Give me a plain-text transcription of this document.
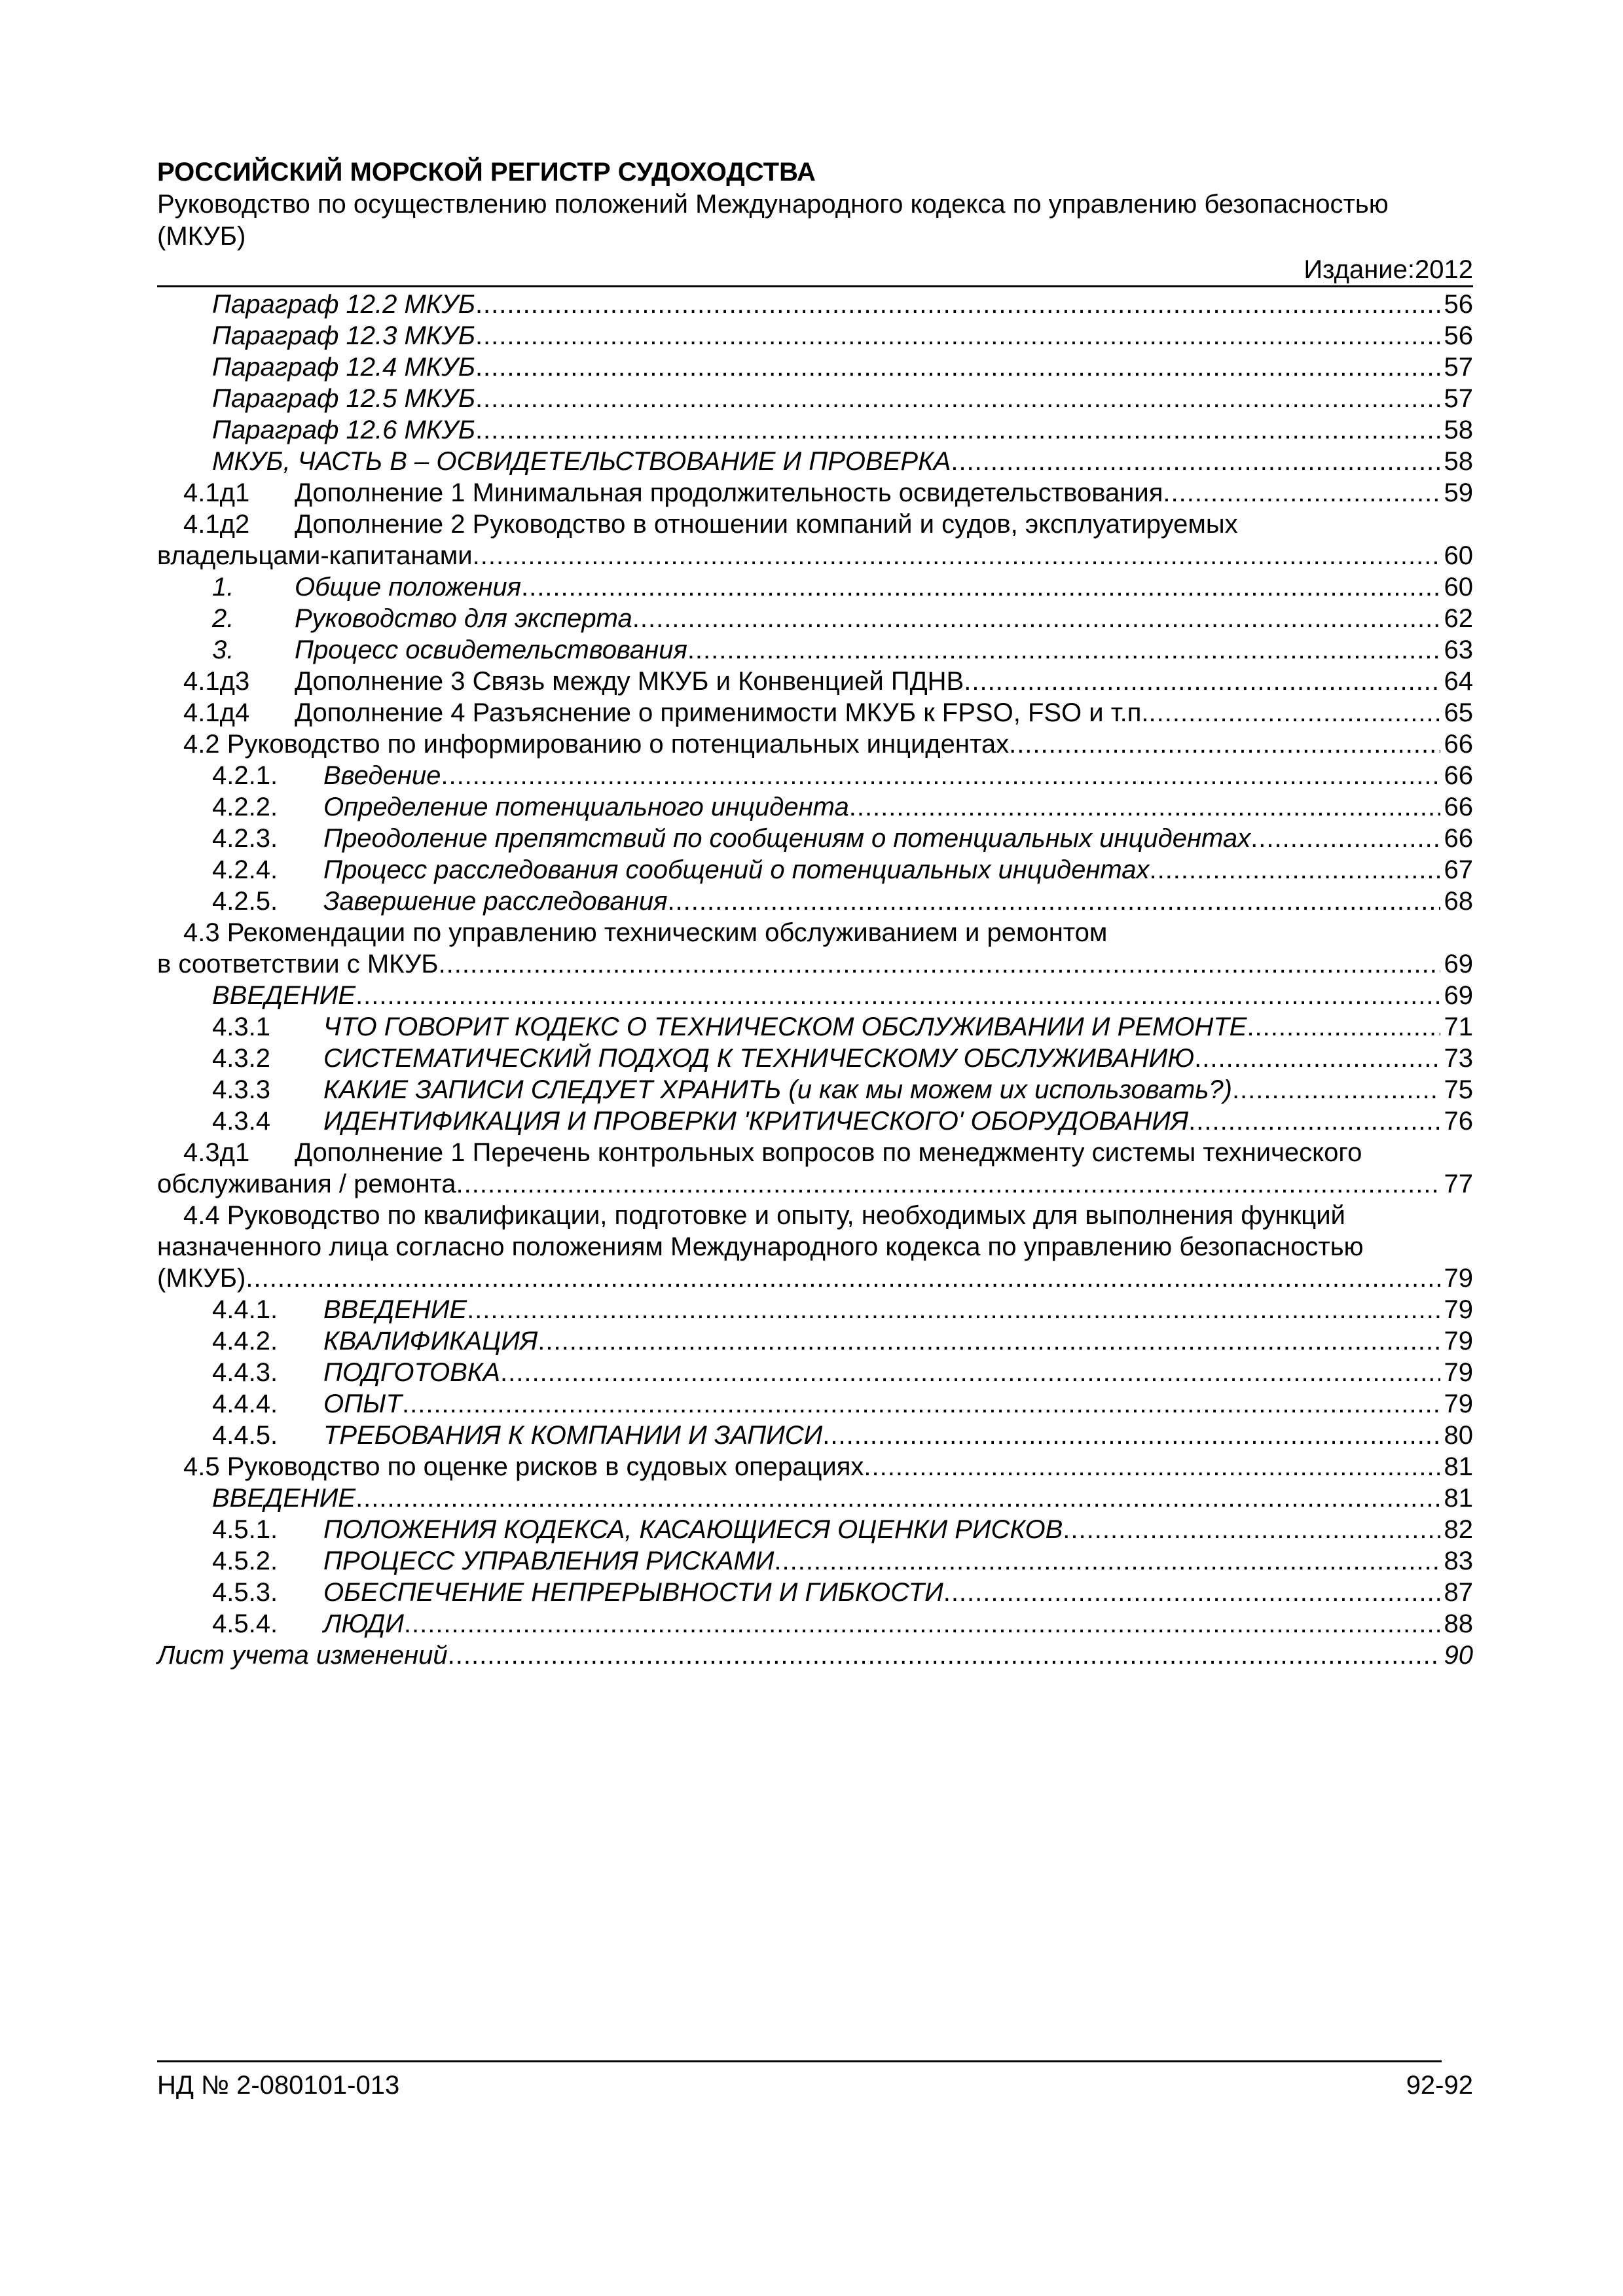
РОССИЙСКИЙ МОРСКОЙ РЕГИСТР СУДОХОДСТВА
Руководство по осуществлению положений Международного кодекса по управлению безопасностью
(МКУБ)
Издание:2012
Параграф 12.2 МКУБ .....	56
Параграф 12.3 МКУБ .....	56
Параграф 12.4 МКУБ .....	57
Параграф 12.5 МКУБ .....	57
Параграф 12.6 МКУБ .....	58
МКУБ, ЧАСТЬ В – ОСВИДЕТЕЛЬСТВОВАНИЕ И ПРОВЕРКА .....	58
4.1д1	Дополнение 1 Минимальная продолжительность освидетельствования .....	59
4.1д2	Дополнение 2 Руководство в отношении компаний и судов, эксплуатируемых
владельцами-капитанами .....	60
1.	Общие положения .....	60
2.	Руководство для эксперта .....	62
3.	Процесс освидетельствования .....	63
4.1д3	Дополнение 3 Связь между МКУБ и Конвенцией ПДНВ .....	64
4.1д4	Дополнение 4 Разъяснение о применимости МКУБ к FPSO, FSO и т.п. .....	65
4.2 Руководство по информированию о потенциальных инцидентах .....	66
4.2.1.	Введение .....	66
4.2.2.	Определение потенциального инцидента .....	66
4.2.3.	Преодоление препятствий по сообщениям о потенциальных инцидентах .....	66
4.2.4.	Процесс расследования сообщений о потенциальных инцидентах .....	67
4.2.5.	Завершение расследования .....	68
4.3 Рекомендации по управлению техническим обслуживанием и ремонтом
в соответствии с МКУБ .....	69
ВВЕДЕНИЕ .....	69
4.3.1	ЧТО ГОВОРИТ КОДЕКС О ТЕХНИЧЕСКОМ ОБСЛУЖИВАНИИ И РЕМОНТЕ .....	71
4.3.2	СИСТЕМАТИЧЕСКИЙ ПОДХОД К ТЕХНИЧЕСКОМУ ОБСЛУЖИВАНИЮ .....	73
4.3.3	КАКИЕ ЗАПИСИ СЛЕДУЕТ ХРАНИТЬ (и как мы можем их использовать?) .....	75
4.3.4	ИДЕНТИФИКАЦИЯ И ПРОВЕРКИ 'КРИТИЧЕСКОГО' ОБОРУДОВАНИЯ .....	76
4.3д1	Дополнение 1 Перечень контрольных вопросов по менеджменту системы технического
обслуживания / ремонта .....	77
4.4 Руководство по квалификации, подготовке и опыту, необходимых для выполнения функций
назначенного лица согласно положениям Международного кодекса по управлению безопасностью
(МКУБ) .....	79
4.4.1.	ВВЕДЕНИЕ .....	79
4.4.2.	КВАЛИФИКАЦИЯ .....	79
4.4.3.	ПОДГОТОВКА .....	79
4.4.4.	ОПЫТ .....	79
4.4.5.	ТРЕБОВАНИЯ К КОМПАНИИ И ЗАПИСИ .....	80
4.5 Руководство по оценке рисков в судовых операциях .....	81
ВВЕДЕНИЕ .....	81
4.5.1.	ПОЛОЖЕНИЯ КОДЕКСА, КАСАЮЩИЕСЯ ОЦЕНКИ РИСКОВ .....	82
4.5.2.	ПРОЦЕСС УПРАВЛЕНИЯ РИСКАМИ .....	83
4.5.3.	ОБЕСПЕЧЕНИЕ НЕПРЕРЫВНОСТИ И ГИБКОСТИ .....	87
4.5.4.	ЛЮДИ .....	88
Лист учета изменений .....	90
НД № 2-080101-013	92-92
